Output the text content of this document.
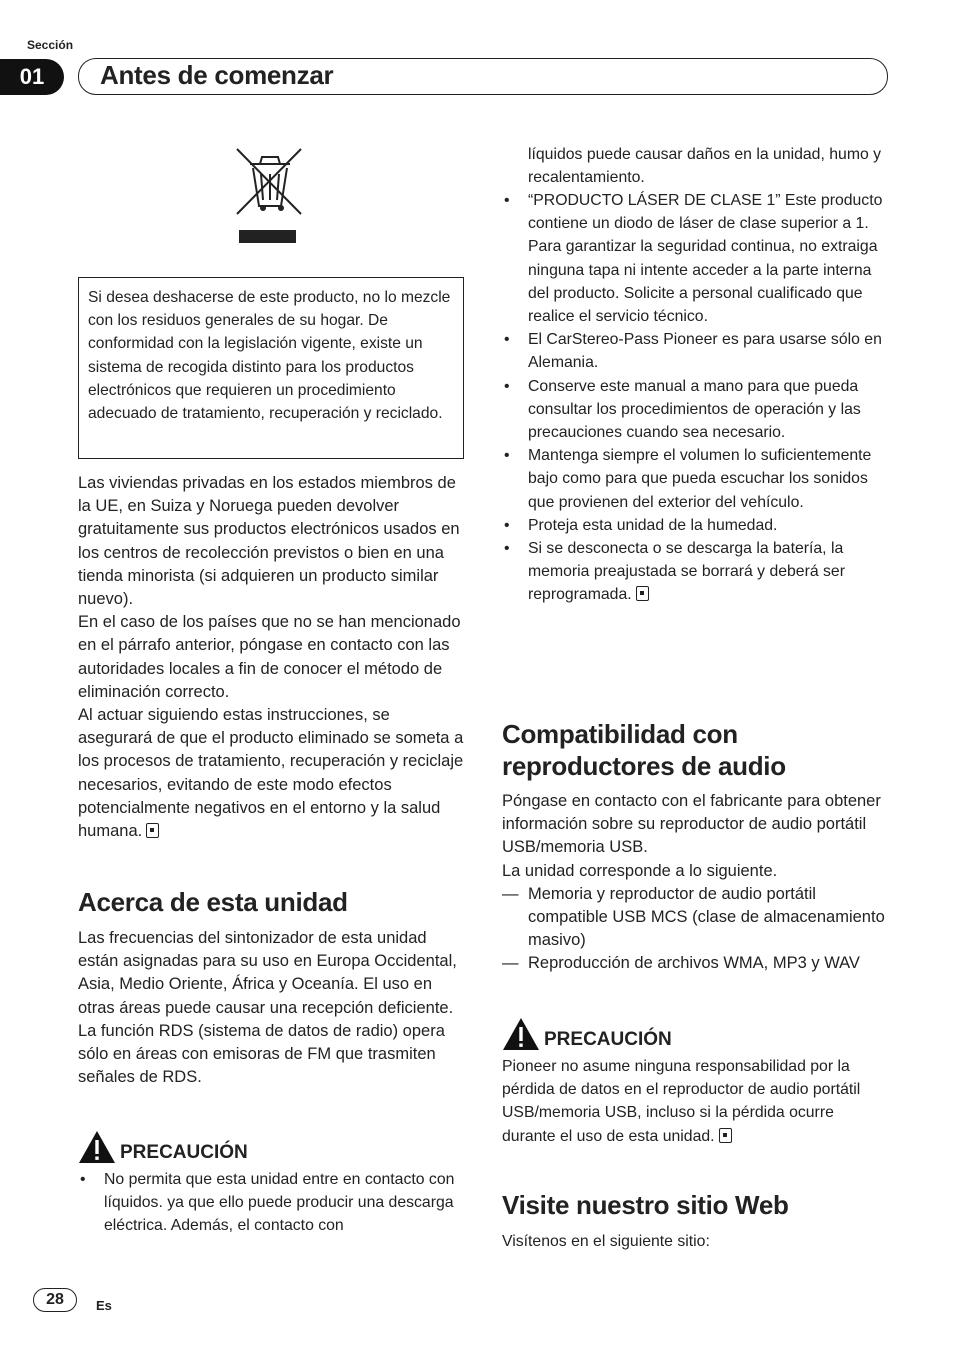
Sección
01	Antes de comenzar
Si desea deshacerse de este producto, no lo mezcle con los residuos generales de su hogar. De conformidad con la legislación vigente, existe un sistema de recogida distinto para los productos electrónicos que requieren un procedimiento adecuado de tratamiento, recuperación y reciclado.

Las viviendas privadas en los estados miembros de la UE, en Suiza y Noruega pueden devolver gratuitamente sus productos electrónicos usados en los centros de recolección previstos o bien en una tienda minorista (si adquieren un producto similar nuevo).

En el caso de los países que no se han mencionado en el párrafo anterior, póngase en contacto con las autoridades locales a fin de conocer el método de eliminación correcto.

Al actuar siguiendo estas instrucciones, se asegurará de que el producto eliminado se someta a los procesos de tratamiento, recuperación y reciclaje necesarios, evitando de este modo efectos potencialmente negativos en el entorno y la salud humana.

Acerca de esta unidad
Las frecuencias del sintonizador de esta unidad están asignadas para su uso en Europa Occidental, Asia, Medio Oriente, África y Oceanía. El uso en otras áreas puede causar una recepción deficiente. La función RDS (sistema de datos de radio) opera sólo en áreas con emisoras de FM que trasmiten señales de RDS.
PRECAUCIÓN
• No permita que esta unidad entre en contacto con líquidos. ya que ello puede producir una descarga eléctrica. Además, el contacto con
líquidos puede causar daños en la unidad, humo y recalentamiento.
• “PRODUCTO LÁSER DE CLASE 1” Este producto contiene un diodo de láser de clase superior a 1. Para garantizar la seguridad continua, no extraiga ninguna tapa ni intente acceder a la parte interna del producto. Solicite a personal cualificado que realice el servicio técnico.
• El CarStereo-Pass Pioneer es para usarse sólo en Alemania.
• Conserve este manual a mano para que pueda consultar los procedimientos de operación y las precauciones cuando sea necesario.
• Mantenga siempre el volumen lo suficientemente bajo como para que pueda escuchar los sonidos que provienen del exterior del vehículo.
• Proteja esta unidad de la humedad.
• Si se desconecta o se descarga la batería, la memoria preajustada se borrará y deberá ser reprogramada.
Compatibilidad con reproductores de audio

Póngase en contacto con el fabricante para obtener información sobre su reproductor de audio portátil USB/memoria USB.

La unidad corresponde a lo siguiente.

— Memoria y reproductor de audio portátil compatible USB MCS (clase de almacenamiento masivo)
— Reproducción de archivos WMA, MP3 y WAV
PRECAUCIÓN
Pioneer no asume ninguna responsabilidad por la pérdida de datos en el reproductor de audio portátil USB/memoria USB, incluso si la pérdida ocurre durante el uso de esta unidad.
Visite nuestro sitio Web
Visítenos en el siguiente sitio:
28	Es
